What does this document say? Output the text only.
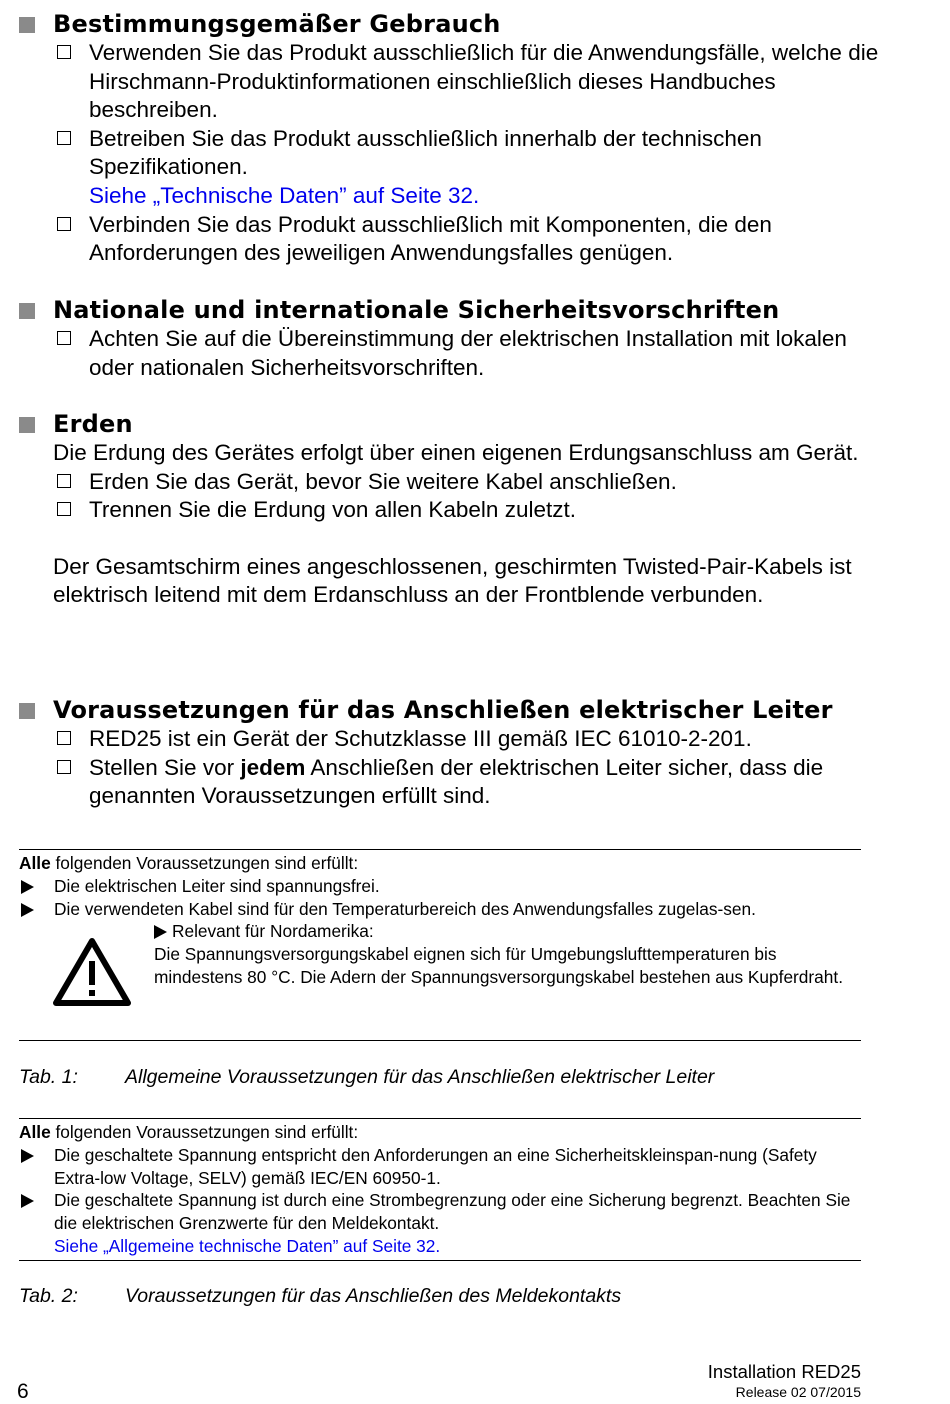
Bestimmungsgemäßer Gebrauch
Verwenden Sie das Produkt ausschließlich für die Anwendungsfälle, welche die Hirschmann-Produktinformationen einschließlich dieses Handbuches beschreiben.
Betreiben Sie das Produkt ausschließlich innerhalb der technischen Spezifikationen.
Siehe „Technische Daten” auf Seite 32.
Verbinden Sie das Produkt ausschließlich mit Komponenten, die den Anforderungen des jeweiligen Anwendungsfalles genügen.
Nationale und internationale Sicherheitsvorschriften
Achten Sie auf die Übereinstimmung der elektrischen Installation mit lokalen oder nationalen Sicherheitsvorschriften.
Erden
Die Erdung des Gerätes erfolgt über einen eigenen Erdungsanschluss am Gerät.
Erden Sie das Gerät, bevor Sie weitere Kabel anschließen.
Trennen Sie die Erdung von allen Kabeln zuletzt.
Der Gesamtschirm eines angeschlossenen, geschirmten Twisted-Pair-Kabels ist elektrisch leitend mit dem Erdanschluss an der Frontblende verbunden.
Voraussetzungen für das Anschließen elektrischer Leiter
RED25 ist ein Gerät der Schutzklasse III gemäß IEC 61010-2-201.
Stellen Sie vor jedem Anschließen der elektrischen Leiter sicher, dass die genannten Voraussetzungen erfüllt sind.
Alle folgenden Voraussetzungen sind erfüllt:
Die elektrischen Leiter sind spannungsfrei.
Die verwendeten Kabel sind für den Temperaturbereich des Anwendungsfalles zugelas-sen.
Relevant für Nordamerika:
Die Spannungsversorgungskabel eignen sich für Umgebungslufttemperaturen bis mindestens 80 °C. Die Adern der Spannungsversorgungskabel bestehen aus Kupferdraht.
Tab. 1: Allgemeine Voraussetzungen für das Anschließen elektrischer Leiter
Alle folgenden Voraussetzungen sind erfüllt:
Die geschaltete Spannung entspricht den Anforderungen an eine Sicherheitskleinspan-nung (Safety Extra-low Voltage, SELV) gemäß IEC/EN 60950-1.
Die geschaltete Spannung ist durch eine Strombegrenzung oder eine Sicherung begrenzt. Beachten Sie die elektrischen Grenzwerte für den Meldekontakt.
Siehe „Allgemeine technische Daten” auf Seite 32.
Tab. 2: Voraussetzungen für das Anschließen des Meldekontakts
Installation RED25
Release 02 07/2015
6
